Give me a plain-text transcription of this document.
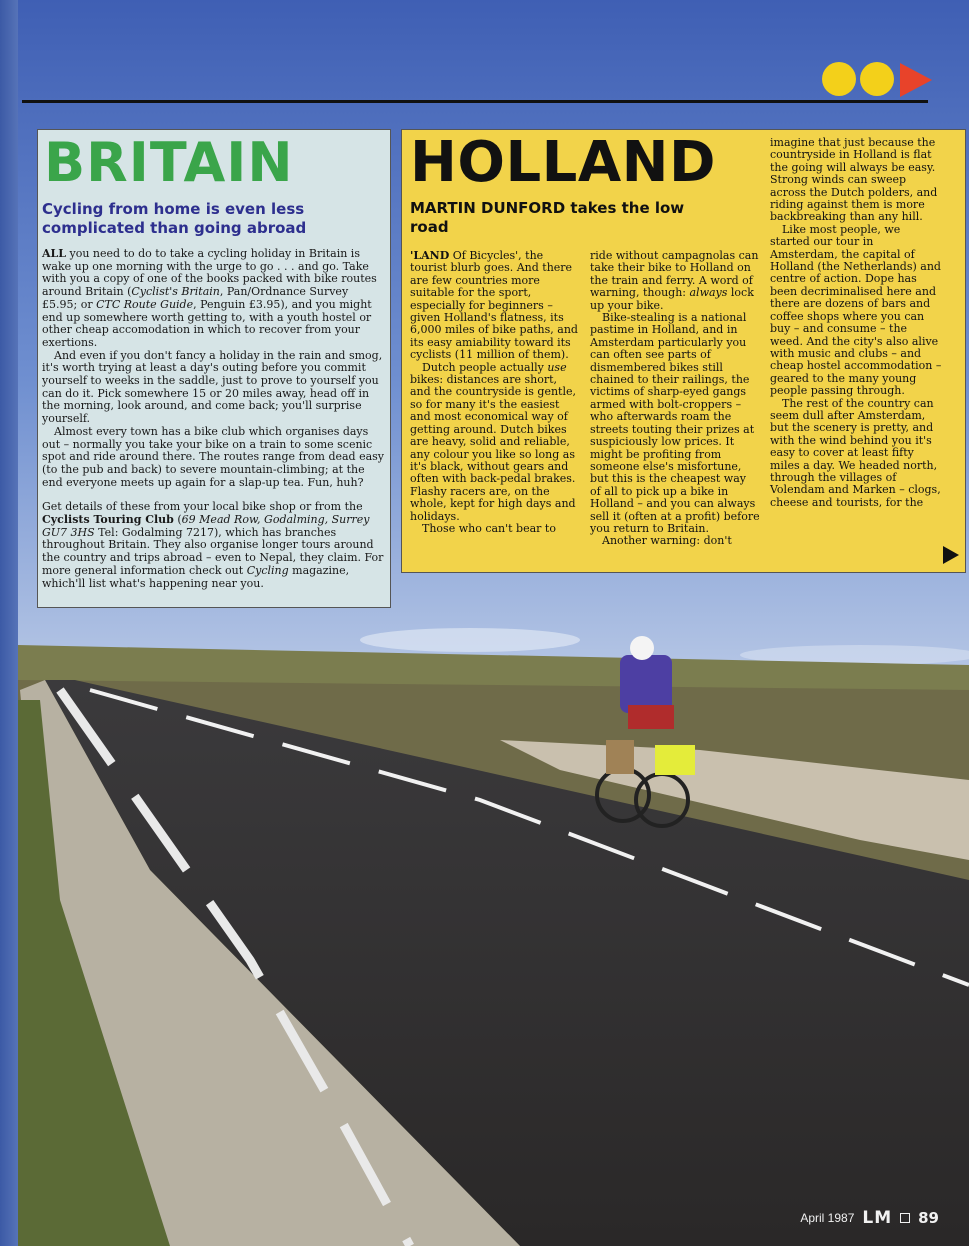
BRITAIN

Cycling from home is even less complicated than going abroad

ALL you need to do to take a cycling holiday in Britain is wake up one morning with the urge to go . . . and go. Take with you a copy of one of the books packed with bike routes around Britain (Cyclist's Britain, Pan/Ordnance Survey £5.95; or CTC Route Guide, Penguin £3.95), and you might end up somewhere worth getting to, with a youth hostel or other cheap accomodation in which to recover from your exertions.

And even if you don't fancy a holiday in the rain and smog, it's worth trying at least a day's outing before you commit yourself to weeks in the saddle, just to prove to yourself you can do it. Pick somewhere 15 or 20 miles away, head off in the morning, look around, and come back; you'll surprise yourself.

Almost every town has a bike club which organises days out – normally you take your bike on a train to some scenic spot and ride around there. The routes range from dead easy (to the pub and back) to severe mountain-climbing; at the end everyone meets up again for a slap-up tea. Fun, huh?

Get details of these from your local bike shop or from the Cyclists Touring Club (69 Mead Row, Godalming, Surrey GU7 3HS Tel: Godalming 7217), which has branches throughout Britain. They also organise longer tours around the country and trips abroad – even to Nepal, they claim. For more general information check out Cycling magazine, which'll list what's happening near you.

HOLLAND

MARTIN DUNFORD takes the low road

'LAND Of Bicycles', the tourist blurb goes. And there are few countries more suitable for the sport, especially for beginners – given Holland's flatness, its 6,000 miles of bike paths, and its easy amiability toward its cyclists (11 million of them).

Dutch people actually use bikes: distances are short, and the countryside is gentle, so for many it's the easiest and most economical way of getting around. Dutch bikes are heavy, solid and reliable, any colour you like so long as it's black, without gears and often with back-pedal brakes. Flashy racers are, on the whole, kept for high days and holidays.

Those who can't bear to

ride without campagnolas can take their bike to Holland on the train and ferry. A word of warning, though: always lock up your bike.

Bike-stealing is a national pastime in Holland, and in Amsterdam particularly you can often see parts of dismembered bikes still chained to their railings, the victims of sharp-eyed gangs armed with bolt-croppers – who afterwards roam the streets touting their prizes at suspiciously low prices. It might be profiting from someone else's misfortune, but this is the cheapest way of all to pick up a bike in Holland – and you can always sell it (often at a profit) before you return to Britain.

Another warning: don't

imagine that just because the countryside in Holland is flat the going will always be easy. Strong winds can sweep across the Dutch polders, and riding against them is more backbreaking than any hill.

Like most people, we started our tour in Amsterdam, the capital of Holland (the Netherlands) and centre of action. Dope has been decriminalised here and there are dozens of bars and coffee shops where you can buy – and consume – the weed. And the city's also alive with music and clubs – and cheap hostel accommodation – geared to the many young people passing through.

The rest of the country can seem dull after Amsterdam, but the scenery is pretty, and with the wind behind you it's easy to cover at least fifty miles a day. We headed north, through the villages of Volendam and Marken – clogs, cheese and tourists, for the

April 1987 LM 89
